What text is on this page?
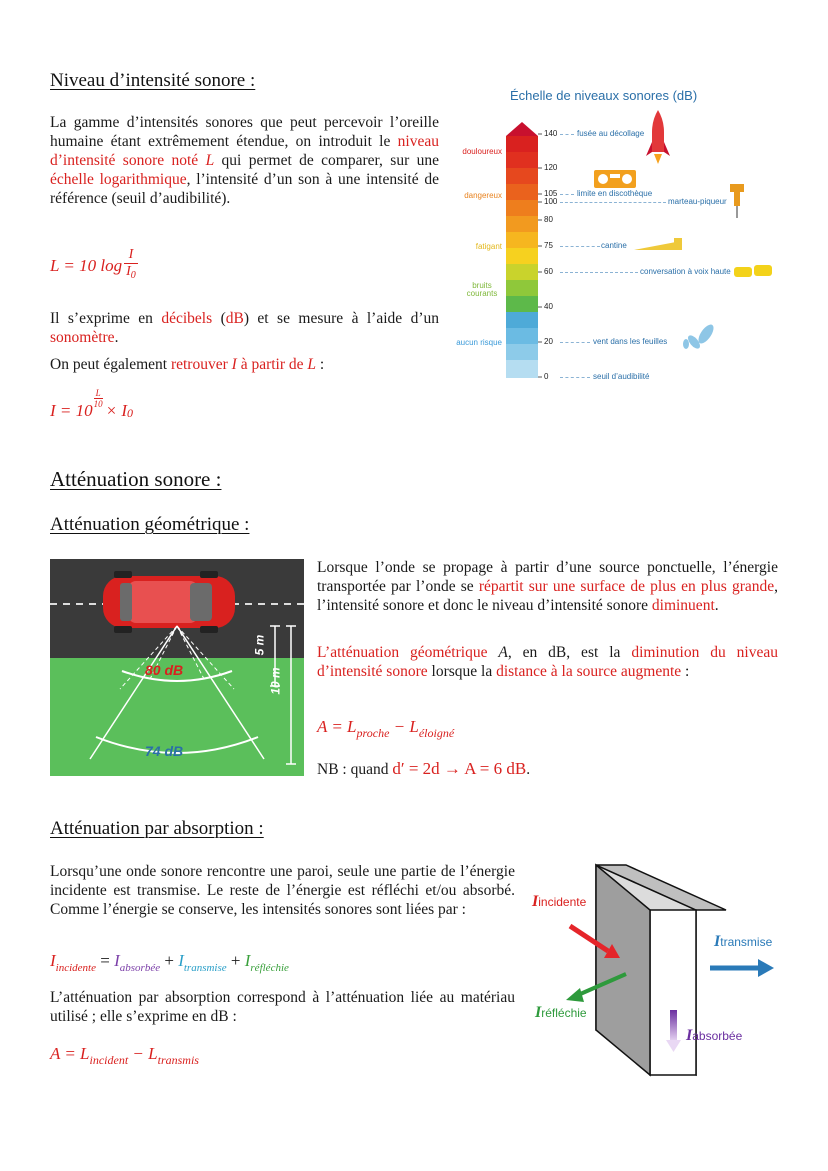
Niveau d’intensité sonore :
La gamme d’intensités sonores que peut percevoir l’oreille humaine étant extrêmement étendue, on introduit le niveau d’intensité sonore noté L qui permet de comparer, sur une échelle logarithmique, l’intensité d’un son à une intensité de référence (seuil d’audibilité).
L = 10 log
I
$I_0$
Il s’exprime en décibels (dB) et se mesure à l’aide d’un sonomètre.
On peut également retrouver I à partir de L :
I = 10
$\frac{L}{10}$
× I 0
Échelle de niveaux sonores (dB)
douloureux
dangereux
fatigant
bruits courants
aucun risque
140
120
105
100
80
75
60
40
20
0
fusée au décollage
limite en discothèque
marteau-piqueur
cantine
conversation à voix haute
vent dans les feuilles
seuil d’audibilité
Atténuation sonore :
Atténuation géométrique :
80 dB
74 dB
5 m
10 m
Lorsque l’onde se propage à partir d’une source ponctuelle, l’énergie transportée par l’onde se répartit sur une surface de plus en plus grande, l’intensité sonore et donc le niveau d’intensité sonore diminuent.
L’atténuation géométrique A, en dB, est la diminution du niveau d’intensité sonore lorsque la distance à la source augmente :
$A = L_{proche} - L_{éloigné}$
NB : quand d′ = 2d → A = 6 dB.
Atténuation par absorption :
Lorsqu’une onde sonore rencontre une paroi, seule une partie de l’énergie incidente est transmise. Le reste de l’énergie est réfléchi et/ou absorbé. Comme l’énergie se conserve, les intensités sonores sont liées par :
$I_{incidente} = I_{absorbée} + I_{transmise} + I_{réfléchie}$
L’atténuation par absorption correspond à l’atténuation liée au matériau utilisé ; elle s’exprime en dB :
$A = L_{incident} - L_{transmis}$
Iincidente
Itransmise
Iréfléchie
Iabsorbée
